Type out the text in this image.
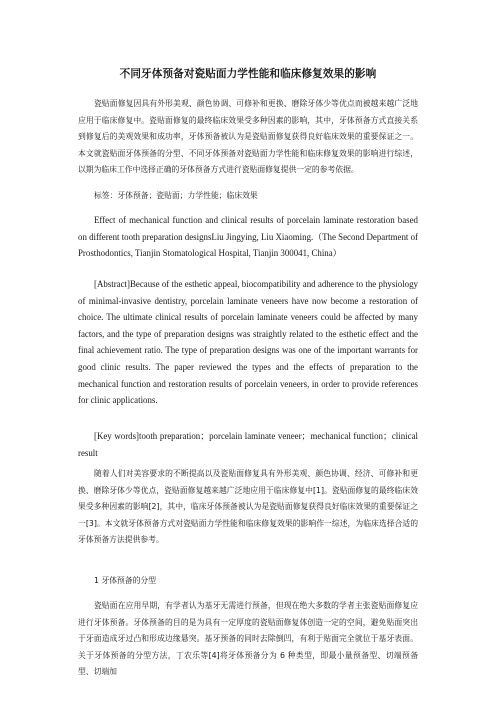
不同牙体预备对瓷贴面力学性能和临床修复效果的影响

瓷贴面修复因具有外形美观、颜色协调、可修补和更换、磨除牙体少等优点而被越来越广泛地应用于临床修复中。瓷贴面修复的最终临床效果受多种因素的影响，其中，牙体预备方式直接关系到修复后的美观效果和成功率，牙体预备被认为是瓷贴面修复获得良好临床效果的重要保证之一。本文就瓷贴面牙体预备的分型、不同牙体预备对瓷贴面力学性能和临床修复效果的影响进行综述，以期为临床工作中选择正确的牙体预备方式进行瓷贴面修复提供一定的参考依据。

标签：牙体预备；瓷贴面；力学性能；临床效果

Effect of mechanical function and clinical results of porcelain laminate restoration based on different tooth preparation designsLiu Jingying, Liu Xiaoming.（The Second Department of Prosthodontics, Tianjin Stomatological Hospital, Tianjin 300041, China）

[Abstract]Because of the esthetic appeal, biocompatibility and adherence to the physiology of minimal-invasive dentistry, porcelain laminate veneers have now become a restoration of choice. The ultimate clinical results of porcelain laminate veneers could be affected by many factors, and the type of preparation designs was straightly related to the esthetic effect and the final achievement ratio. The type of preparation designs was one of the important warrants for good clinic results. The paper reviewed the types and the effects of preparation to the mechanical function and restoration results of porcelain veneers, in order to provide references for clinic applications.

[Key words]tooth preparation；porcelain laminate veneer；mechanical function；clinical result

随着人们对美容要求的不断提高以及瓷贴面修复具有外形美观、颜色协调、经济、可修补和更换、磨除牙体少等优点，瓷贴面修复越来越广泛地应用于临床修复中[1]。瓷贴面修复的最终临床效果受多种因素的影响[2]，其中，临床牙体预备被认为是瓷贴面修复获得良好临床效果的重要保证之一[3]。本文就牙体预备方式对瓷贴面力学性能和临床修复效果的影响作一综述，为临床选择合适的牙体预备方法提供参考。

1 牙体预备的分型

瓷贴面在应用早期，有学者认为基牙无需进行预备，但现在绝大多数的学者主张瓷贴面修复应进行牙体预备。牙体预备的目的是为具有一定厚度的瓷贴面修复体创造一定的空间，避免贴面突出于牙面造成牙过凸和形成边缘悬突。基牙预备的同时去除倒凹，有利于贴面完全就位于基牙表面。关于牙体预备的分型方法，丁农乐等[4]将牙体预备分为 6 种类型，即最小量预备型、切端预备型、切端加
